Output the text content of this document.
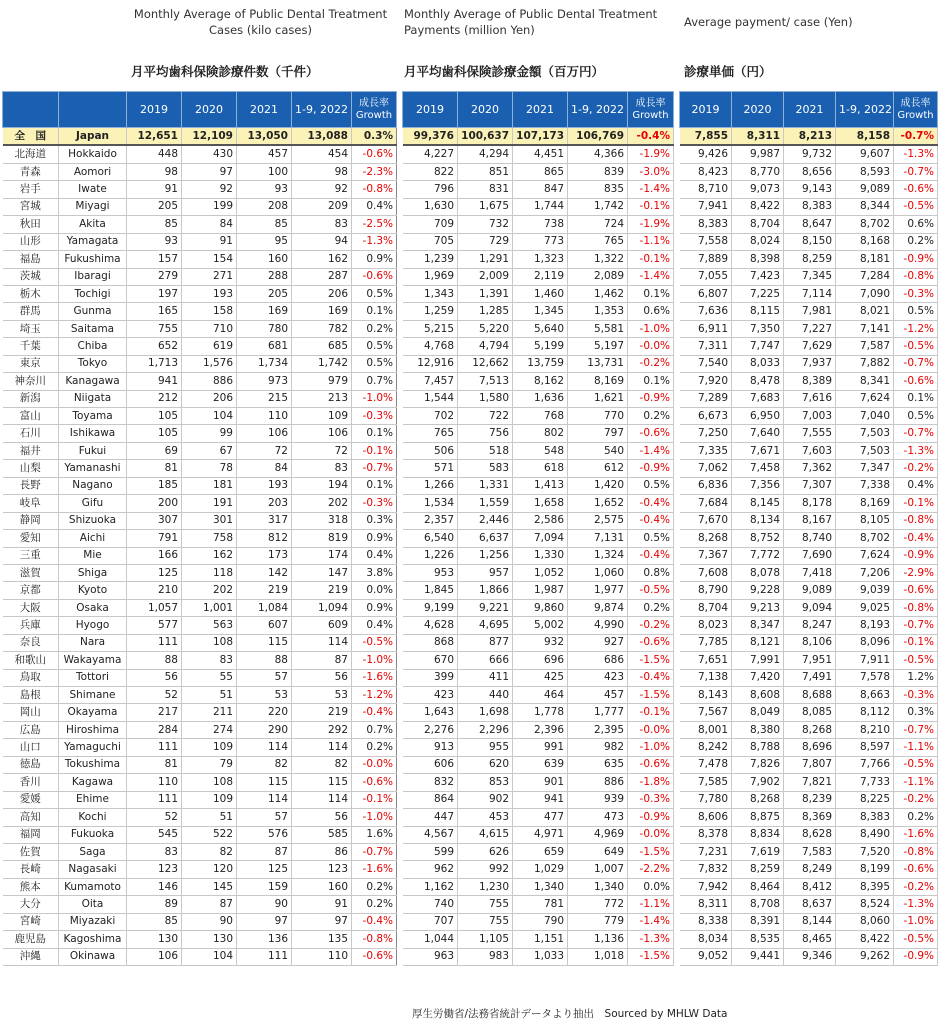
Monthly Average of Public Dental Treatment Cases (kilo cases)
Monthly Average of Public Dental Treatment Payments (million Yen)
Average payment/ case (Yen)
月平均歯科保険診療件数（千件）	月平均歯科保険診療金額（百万円）	診療単価（円）
		2019	2020	2021	1-9, 2022	成長率
Growth
全　国	Japan	12,651	12,109	13,050	13,088	0.3%
北海道	Hokkaido	448	430	457	454	-0.6%
青森	Aomori	98	97	100	98	-2.3%
岩手	Iwate	91	92	93	92	-0.8%
宮城	Miyagi	205	199	208	209	0.4%
秋田	Akita	85	84	85	83	-2.5%
山形	Yamagata	93	91	95	94	-1.3%
福島	Fukushima	157	154	160	162	0.9%
茨城	Ibaragi	279	271	288	287	-0.6%
栃木	Tochigi	197	193	205	206	0.5%
群馬	Gunma	165	158	169	169	0.1%
埼玉	Saitama	755	710	780	782	0.2%
千葉	Chiba	652	619	681	685	0.5%
東京	Tokyo	1,713	1,576	1,734	1,742	0.5%
神奈川	Kanagawa	941	886	973	979	0.7%
新潟	Niigata	212	206	215	213	-1.0%
富山	Toyama	105	104	110	109	-0.3%
石川	Ishikawa	105	99	106	106	0.1%
福井	Fukui	69	67	72	72	-0.1%
山梨	Yamanashi	81	78	84	83	-0.7%
長野	Nagano	185	181	193	194	0.1%
岐阜	Gifu	200	191	203	202	-0.3%
静岡	Shizuoka	307	301	317	318	0.3%
愛知	Aichi	791	758	812	819	0.9%
三重	Mie	166	162	173	174	0.4%
滋賀	Shiga	125	118	142	147	3.8%
京都	Kyoto	210	202	219	219	0.0%
大阪	Osaka	1,057	1,001	1,084	1,094	0.9%
兵庫	Hyogo	577	563	607	609	0.4%
奈良	Nara	111	108	115	114	-0.5%
和歌山	Wakayama	88	83	88	87	-1.0%
鳥取	Tottori	56	55	57	56	-1.6%
島根	Shimane	52	51	53	53	-1.2%
岡山	Okayama	217	211	220	219	-0.4%
広島	Hiroshima	284	274	290	292	0.7%
山口	Yamaguchi	111	109	114	114	0.2%
徳島	Tokushima	81	79	82	82	-0.0%
香川	Kagawa	110	108	115	115	-0.6%
愛媛	Ehime	111	109	114	114	-0.1%
高知	Kochi	52	51	57	56	-1.0%
福岡	Fukuoka	545	522	576	585	1.6%
佐賀	Saga	83	82	87	86	-0.7%
長崎	Nagasaki	123	120	125	123	-1.6%
熊本	Kumamoto	146	145	159	160	0.2%
大分	Oita	89	87	90	91	0.2%
宮崎	Miyazaki	85	90	97	97	-0.4%
鹿児島	Kagoshima	130	130	136	135	-0.8%
沖縄	Okinawa	106	104	111	110	-0.6%
2019	2020	2021	1-9, 2022	成長率
Growth
99,376	100,637	107,173	106,769	-0.4%
4,227	4,294	4,451	4,366	-1.9%
822	851	865	839	-3.0%
796	831	847	835	-1.4%
1,630	1,675	1,744	1,742	-0.1%
709	732	738	724	-1.9%
705	729	773	765	-1.1%
1,239	1,291	1,323	1,322	-0.1%
1,969	2,009	2,119	2,089	-1.4%
1,343	1,391	1,460	1,462	0.1%
1,259	1,285	1,345	1,353	0.6%
5,215	5,220	5,640	5,581	-1.0%
4,768	4,794	5,199	5,197	-0.0%
12,916	12,662	13,759	13,731	-0.2%
7,457	7,513	8,162	8,169	0.1%
1,544	1,580	1,636	1,621	-0.9%
702	722	768	770	0.2%
765	756	802	797	-0.6%
506	518	548	540	-1.4%
571	583	618	612	-0.9%
1,266	1,331	1,413	1,420	0.5%
1,534	1,559	1,658	1,652	-0.4%
2,357	2,446	2,586	2,575	-0.4%
6,540	6,637	7,094	7,131	0.5%
1,226	1,256	1,330	1,324	-0.4%
953	957	1,052	1,060	0.8%
1,845	1,866	1,987	1,977	-0.5%
9,199	9,221	9,860	9,874	0.2%
4,628	4,695	5,002	4,990	-0.2%
868	877	932	927	-0.6%
670	666	696	686	-1.5%
399	411	425	423	-0.4%
423	440	464	457	-1.5%
1,643	1,698	1,778	1,777	-0.1%
2,276	2,296	2,396	2,395	-0.0%
913	955	991	982	-1.0%
606	620	639	635	-0.6%
832	853	901	886	-1.8%
864	902	941	939	-0.3%
447	453	477	473	-0.9%
4,567	4,615	4,971	4,969	-0.0%
599	626	659	649	-1.5%
962	992	1,029	1,007	-2.2%
1,162	1,230	1,340	1,340	0.0%
740	755	781	772	-1.1%
707	755	790	779	-1.4%
1,044	1,105	1,151	1,136	-1.3%
963	983	1,033	1,018	-1.5%
2019	2020	2021	1-9, 2022	成長率
Growth
7,855	8,311	8,213	8,158	-0.7%
9,426	9,987	9,732	9,607	-1.3%
8,423	8,770	8,656	8,593	-0.7%
8,710	9,073	9,143	9,089	-0.6%
7,941	8,422	8,383	8,344	-0.5%
8,383	8,704	8,647	8,702	0.6%
7,558	8,024	8,150	8,168	0.2%
7,889	8,398	8,259	8,181	-0.9%
7,055	7,423	7,345	7,284	-0.8%
6,807	7,225	7,114	7,090	-0.3%
7,636	8,115	7,981	8,021	0.5%
6,911	7,350	7,227	7,141	-1.2%
7,311	7,747	7,629	7,587	-0.5%
7,540	8,033	7,937	7,882	-0.7%
7,920	8,478	8,389	8,341	-0.6%
7,289	7,683	7,616	7,624	0.1%
6,673	6,950	7,003	7,040	0.5%
7,250	7,640	7,555	7,503	-0.7%
7,335	7,671	7,603	7,503	-1.3%
7,062	7,458	7,362	7,347	-0.2%
6,836	7,356	7,307	7,338	0.4%
7,684	8,145	8,178	8,169	-0.1%
7,670	8,134	8,167	8,105	-0.8%
8,268	8,752	8,740	8,702	-0.4%
7,367	7,772	7,690	7,624	-0.9%
7,608	8,078	7,418	7,206	-2.9%
8,790	9,228	9,089	9,039	-0.6%
8,704	9,213	9,094	9,025	-0.8%
8,023	8,347	8,247	8,193	-0.7%
7,785	8,121	8,106	8,096	-0.1%
7,651	7,991	7,951	7,911	-0.5%
7,138	7,420	7,491	7,578	1.2%
8,143	8,608	8,688	8,663	-0.3%
7,567	8,049	8,085	8,112	0.3%
8,001	8,380	8,268	8,210	-0.7%
8,242	8,788	8,696	8,597	-1.1%
7,478	7,826	7,807	7,766	-0.5%
7,585	7,902	7,821	7,733	-1.1%
7,780	8,268	8,239	8,225	-0.2%
8,606	8,875	8,369	8,383	0.2%
8,378	8,834	8,628	8,490	-1.6%
7,231	7,619	7,583	7,520	-0.8%
7,832	8,259	8,249	8,199	-0.6%
7,942	8,464	8,412	8,395	-0.2%
8,311	8,708	8,637	8,524	-1.3%
8,338	8,391	8,144	8,060	-1.0%
8,034	8,535	8,465	8,422	-0.5%
9,052	9,441	9,346	9,262	-0.9%
厚生労働省/法務省統計データより抽出　Sourced by MHLW Data
